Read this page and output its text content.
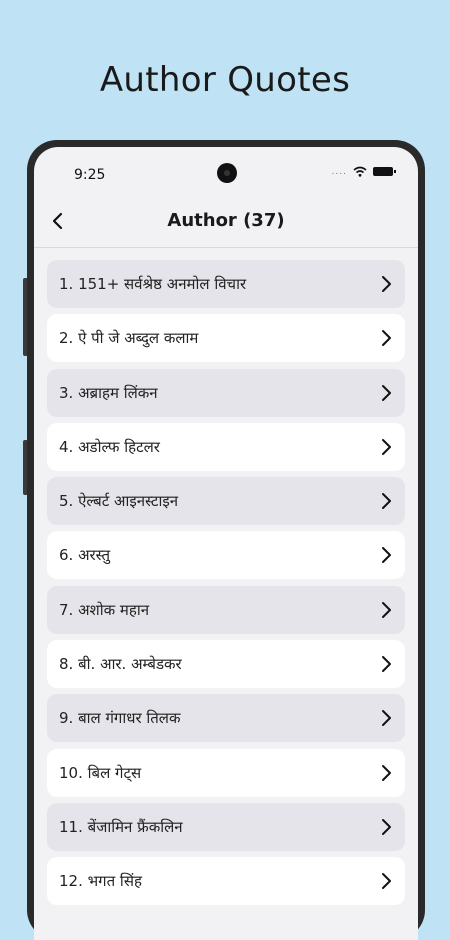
Author Quotes
9:25	....
Author (37)
1. 151+ सर्वश्रेष्ठ अनमोल विचार
2. ऐ पी जे अब्दुल कलाम
3. अब्राहम लिंकन
4. अडोल्फ हिटलर
5. ऐल्बर्ट आइनस्टाइन
6. अरस्तु
7. अशोक महान
8. बी. आर. अम्बेडकर
9. बाल गंगाधर तिलक
10. बिल गेट्स
11. बेंजामिन फ्रैंकलिन
12. भगत सिंह
